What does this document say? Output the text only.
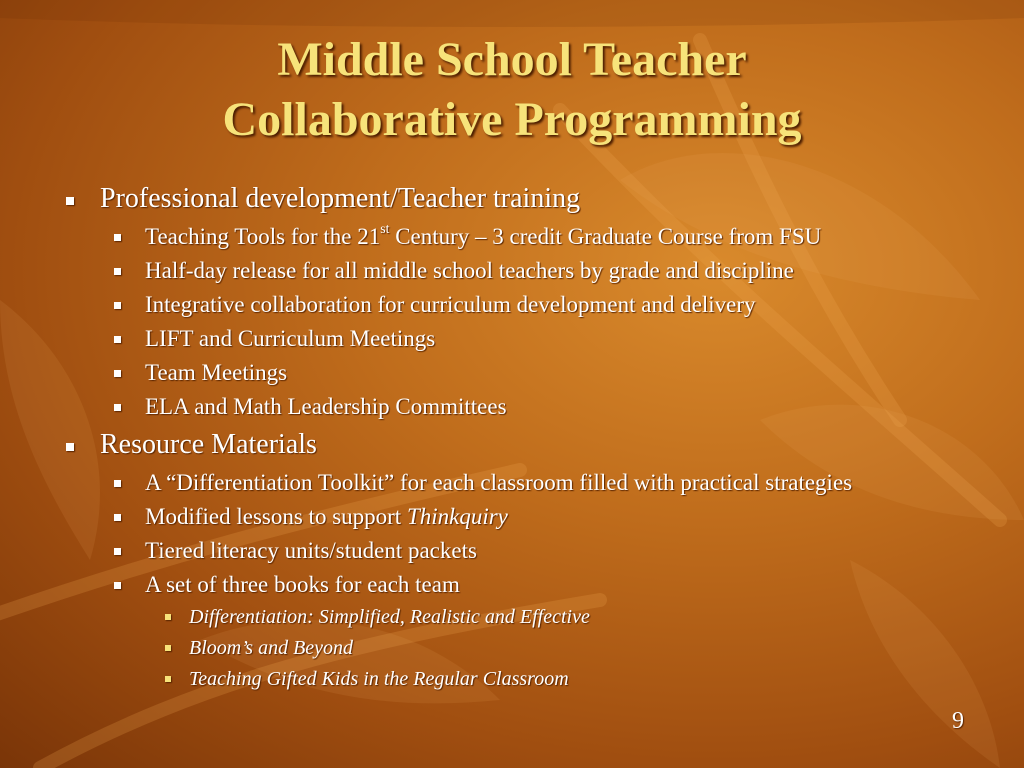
Middle School Teacher
Collaborative Programming
Professional development/Teacher training
Teaching Tools for the 21st Century – 3 credit Graduate Course from FSU
Half-day release for all middle school teachers by grade and discipline
Integrative collaboration for curriculum development and delivery
LIFT and Curriculum Meetings
Team Meetings
ELA and Math Leadership Committees
Resource Materials
A “Differentiation Toolkit” for each classroom filled with practical strategies
Modified lessons to support Thinkquiry
Tiered literacy units/student packets
A set of three books for each team
Differentiation: Simplified, Realistic and Effective
Bloom’s and Beyond
Teaching Gifted Kids in the Regular Classroom
9
